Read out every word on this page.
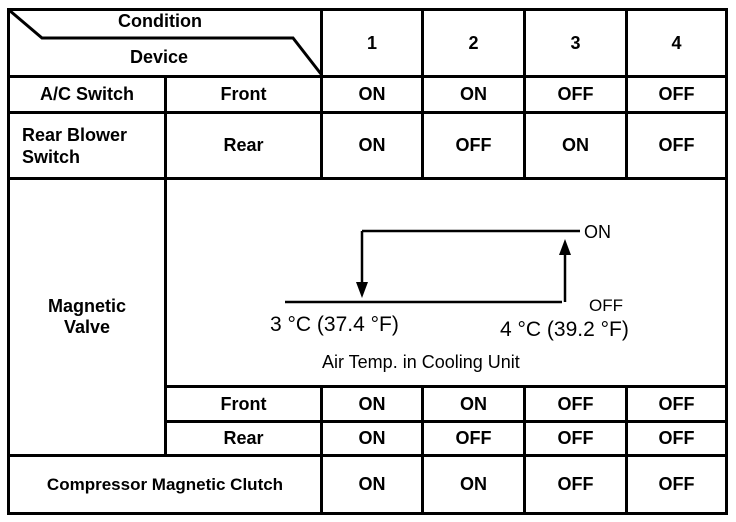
Condition
Device
1	2	3	4
A/C Switch	Front	ON	ON	OFF	OFF
Rear Blower
Switch
Rear	ON	OFF	ON	OFF
Magnetic
Valve
ON
OFF
3 °C (37.4 °F)	4 °C (39.2 °F)
Air Temp. in Cooling Unit
Front	ON	ON	OFF	OFF
Rear	ON	OFF	OFF	OFF
Compressor Magnetic Clutch	ON	ON	OFF	OFF
